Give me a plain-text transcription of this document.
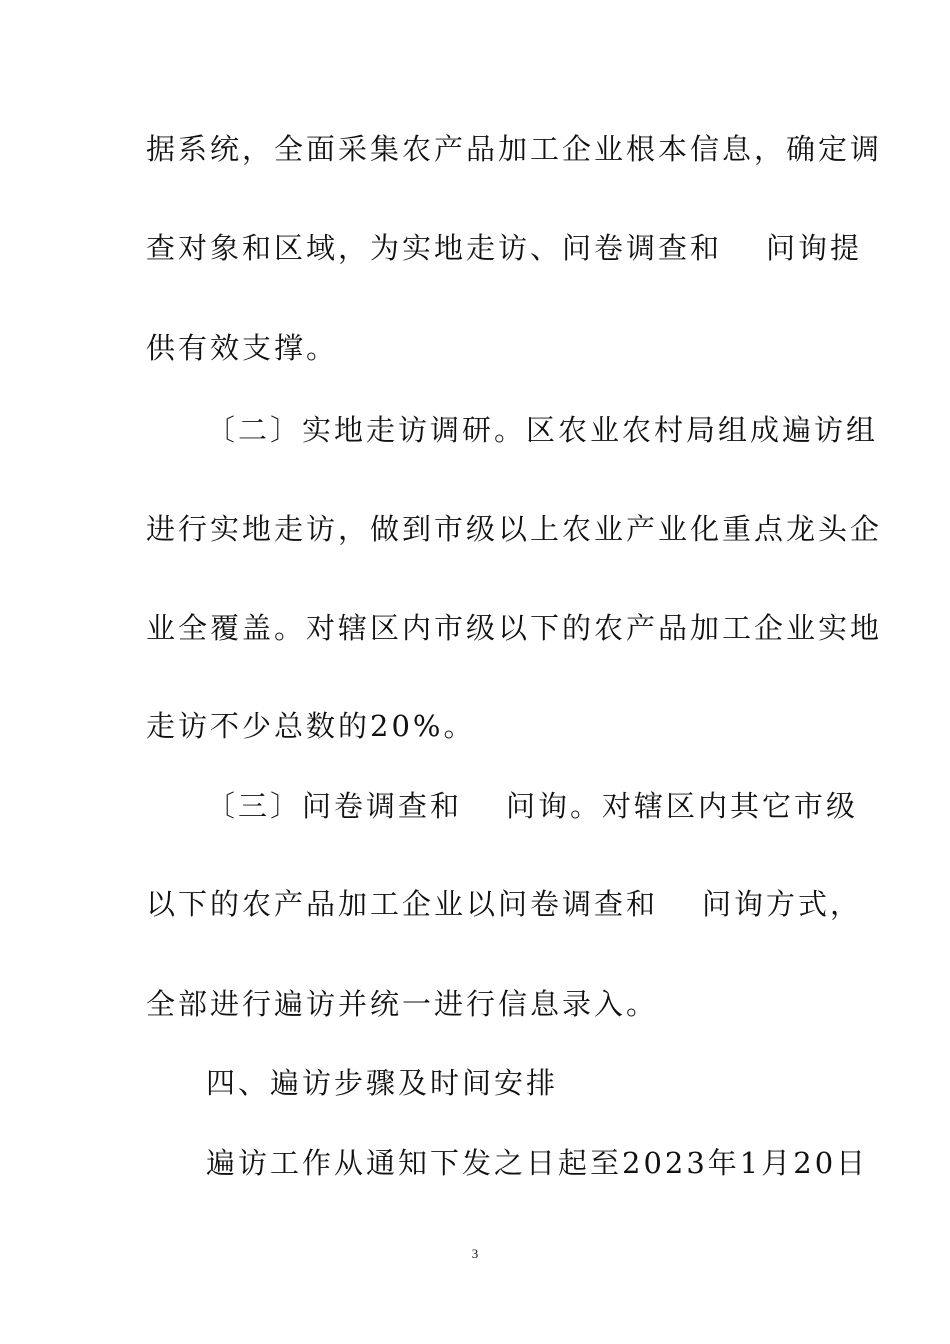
据系统，全面采集农产品加工企业根本信息，确定调
查对象和区域，为实地走访、问卷调查和 问询提
供有效支撑。
〔二〕实地走访调研。区农业农村局组成遍访组
进行实地走访，做到市级以上农业产业化重点龙头企
业全覆盖。对辖区内市级以下的农产品加工企业实地
走访不少总数的20%。
〔三〕问卷调查和 问询。对辖区内其它市级
以下的农产品加工企业以问卷调查和 问询方式，
全部进行遍访并统一进行信息录入。
四、遍访步骤及时间安排
遍访工作从通知下发之日起至2023年1月20日
3
